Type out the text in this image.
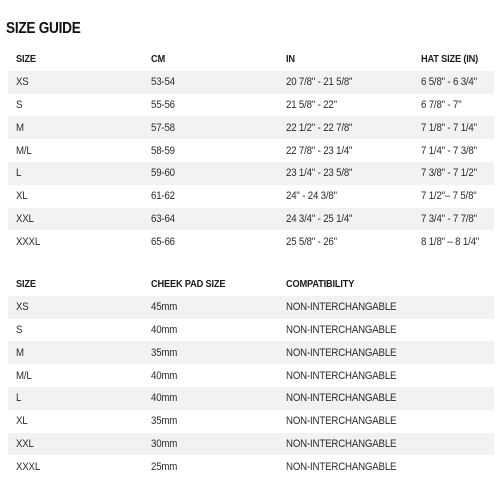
SIZE GUIDE
SIZE	CM	IN	HAT SIZE (IN)
XS	53-54	20 7/8" - 21 5/8"	6 5/8" - 6 3/4"
S	55-56	21 5/8" - 22"	6 7/8" - 7"
M	57-58	22 1/2" - 22 7/8"	7 1/8" - 7 1/4"
M/L	58-59	22 7/8" - 23 1/4"	7 1/4" - 7 3/8"
L	59-60	23 1/4" - 23 5/8"	7 3/8" - 7 1/2"
XL	61-62	24" - 24 3/8"	7 1/2"– 7 5/8"
XXL	63-64	24 3/4" - 25 1/4"	7 3/4" - 7 7/8"
XXXL	65-66	25 5/8" - 26"	8 1/8" – 8 1/4"
SIZE	CHEEK PAD SIZE	COMPATIBILITY	
XS	45mm	NON-INTERCHANGABLE	
S	40mm	NON-INTERCHANGABLE	
M	35mm	NON-INTERCHANGABLE	
M/L	40mm	NON-INTERCHANGABLE	
L	40mm	NON-INTERCHANGABLE	
XL	35mm	NON-INTERCHANGABLE	
XXL	30mm	NON-INTERCHANGABLE	
XXXL	25mm	NON-INTERCHANGABLE	
